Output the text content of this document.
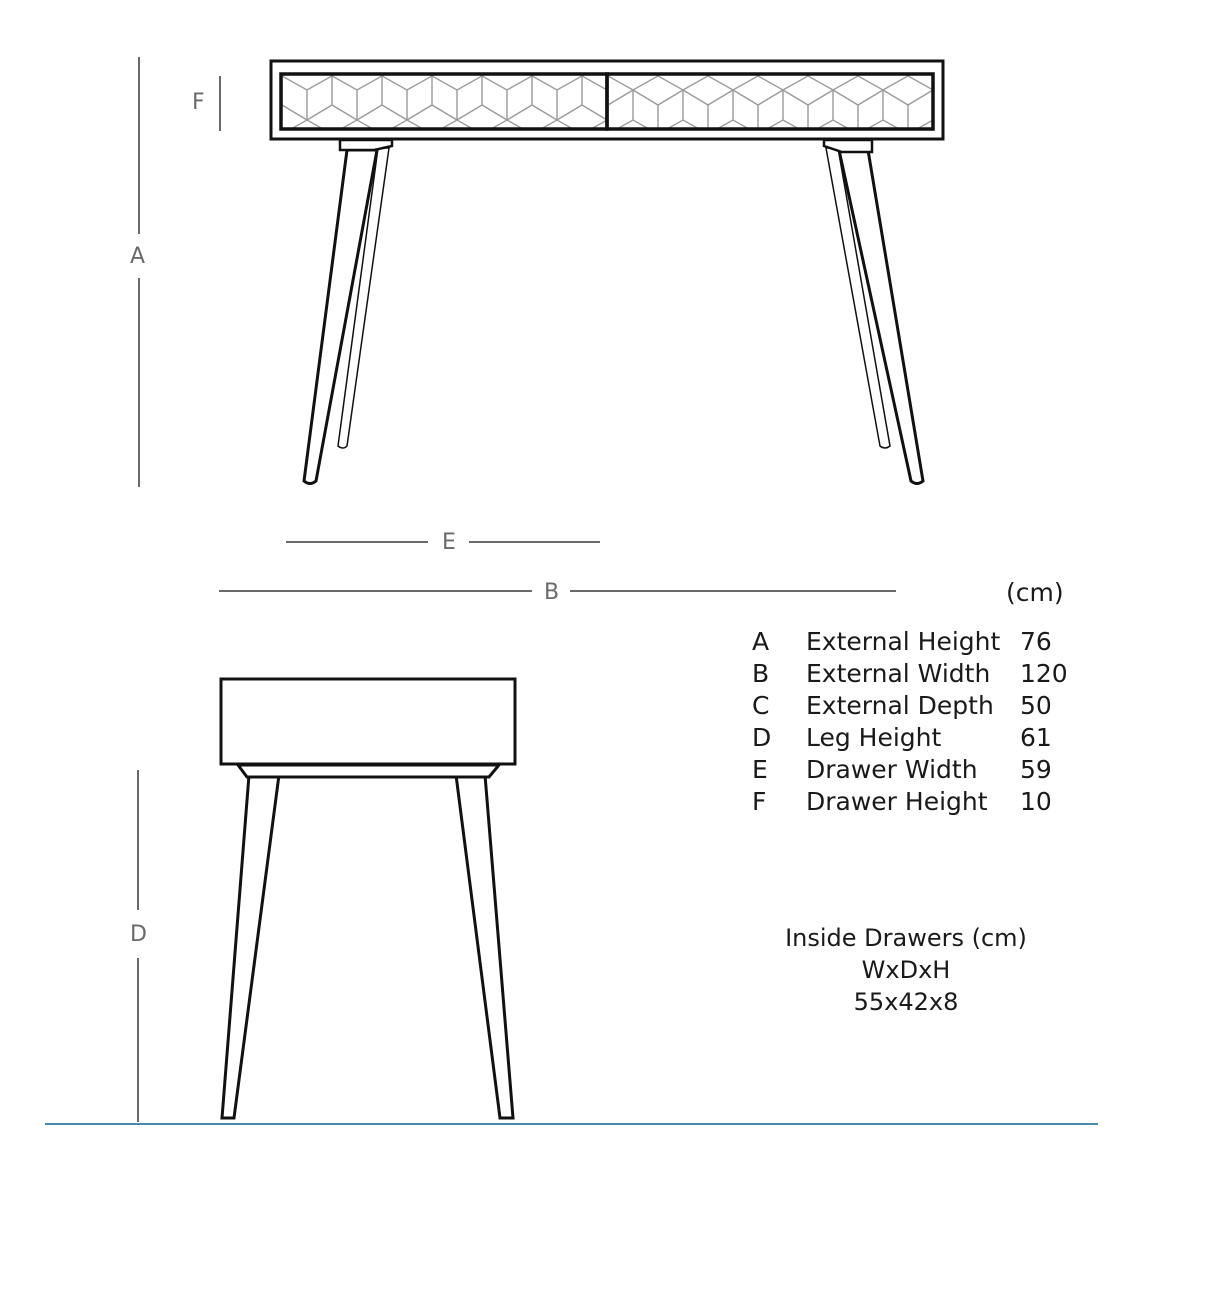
A
F
E
B
D
(cm)
A	External Height	76
B	External Width	120
C	External Depth	50
D	Leg Height	61
E	Drawer Width	59
F	Drawer Height	10
Inside Drawers (cm)
WxDxH
55x42x8
